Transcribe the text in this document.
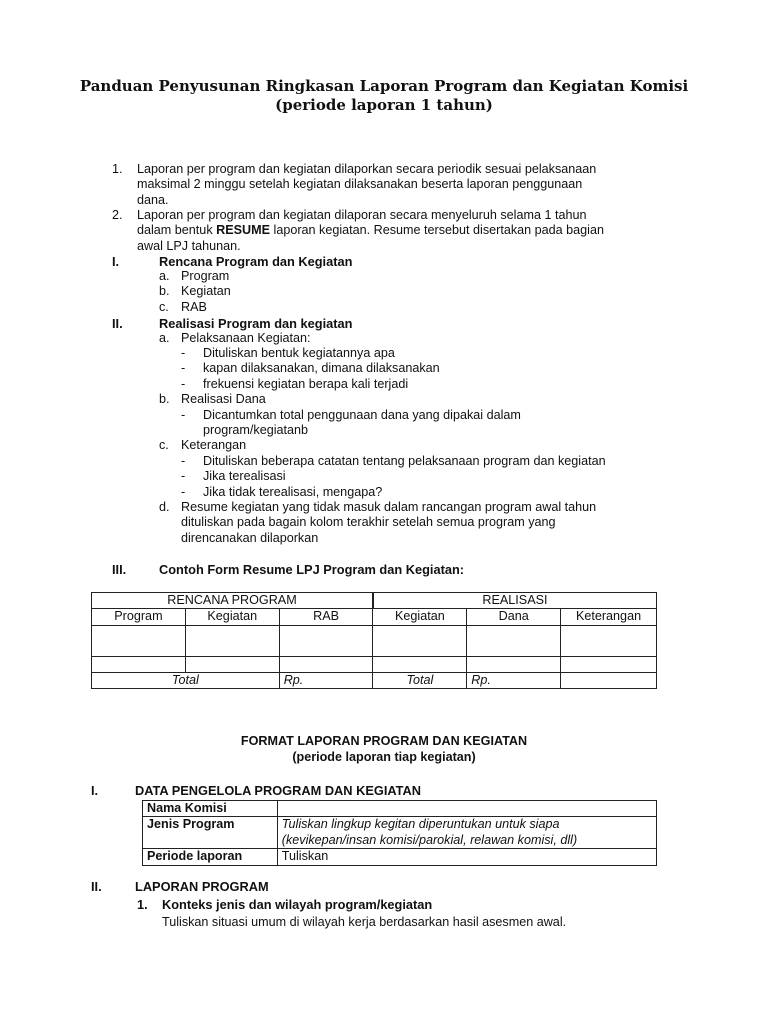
Panduan Penyusunan Ringkasan Laporan Program dan Kegiatan Komisi
(periode laporan 1 tahun)
1. Laporan per program dan kegiatan dilaporkan secara periodik sesuai pelaksanaan
maksimal 2 minggu setelah kegiatan dilaksanakan beserta laporan penggunaan
dana.
2. Laporan per program dan kegiatan dilaporan secara menyeluruh selama 1 tahun
dalam bentuk RESUME laporan kegiatan. Resume tersebut disertakan pada bagian
awal LPJ tahunan.
I.	Rencana Program dan Kegiatan
a. Program
b. Kegiatan
c. RAB
II.	Realisasi Program dan kegiatan
a. Pelaksanaan Kegiatan:
- Dituliskan bentuk kegiatannya apa
- kapan dilaksanakan, dimana dilaksanakan
- frekuensi kegiatan berapa kali terjadi
b. Realisasi Dana
- Dicantumkan total penggunaan dana yang dipakai dalam
program/kegiatanb
c. Keterangan
- Dituliskan beberapa catatan tentang pelaksanaan program dan kegiatan
- Jika terealisasi
- Jika tidak terealisasi, mengapa?
d. Resume kegiatan yang tidak masuk dalam rancangan program awal tahun
dituliskan pada bagain kolom terakhir setelah semua program yang
direncanakan dilaporkan
III.	Contoh Form Resume LPJ Program dan Kegiatan:
RENCANA PROGRAM			REALISASI		
Program	Kegiatan	RAB	Kegiatan	Dana	Keterangan

Total		Rp.	Total	Rp.	
FORMAT LAPORAN PROGRAM DAN KEGIATAN
(periode laporan tiap kegiatan)
I.	DATA PENGELOLA PROGRAM DAN KEGIATAN
Nama Komisi	
Jenis Program	Tuliskan lingkup kegitan diperuntukan untuk siapa
(kevikepan/insan komisi/parokial, relawan komisi, dll)

Periode laporan	Tuliskan
II.	LAPORAN PROGRAM
1. Konteks jenis dan wilayah program/kegiatan
Tuliskan situasi umum di wilayah kerja berdasarkan hasil asesmen awal.
